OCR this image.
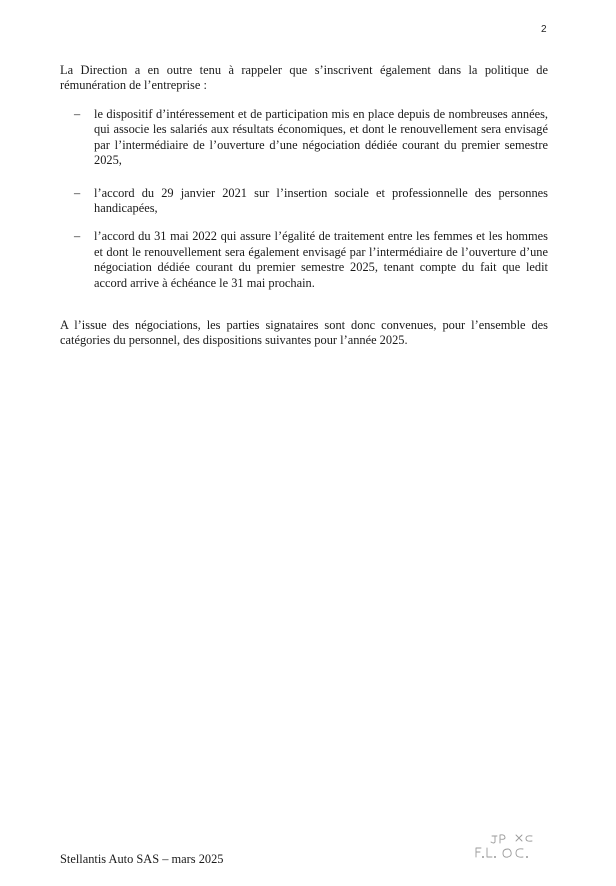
2

La Direction a en outre tenu à rappeler que s’inscrivent également dans la politique de rémunération de l’entreprise :

– le dispositif d’intéressement et de participation mis en place depuis de nombreuses années, qui associe les salariés aux résultats économiques, et dont le renouvellement sera envisagé par l’intermédiaire de l’ouverture d’une négociation dédiée courant du premier semestre 2025,
– l’accord du 29 janvier 2021 sur l’insertion sociale et professionnelle des personnes handicapées,
– l’accord du 31 mai 2022 qui assure l’égalité de traitement entre les femmes et les hommes et dont le renouvellement sera également envisagé par l’intermédiaire de l’ouverture d’une négociation dédiée courant du premier semestre 2025, tenant compte du fait que ledit accord arrive à échéance le 31 mai prochain.

A l’issue des négociations, les parties signataires sont donc convenues, pour l’ensemble des catégories du personnel, des dispositions suivantes pour l’année 2025.

Stellantis Auto SAS – mars 2025
